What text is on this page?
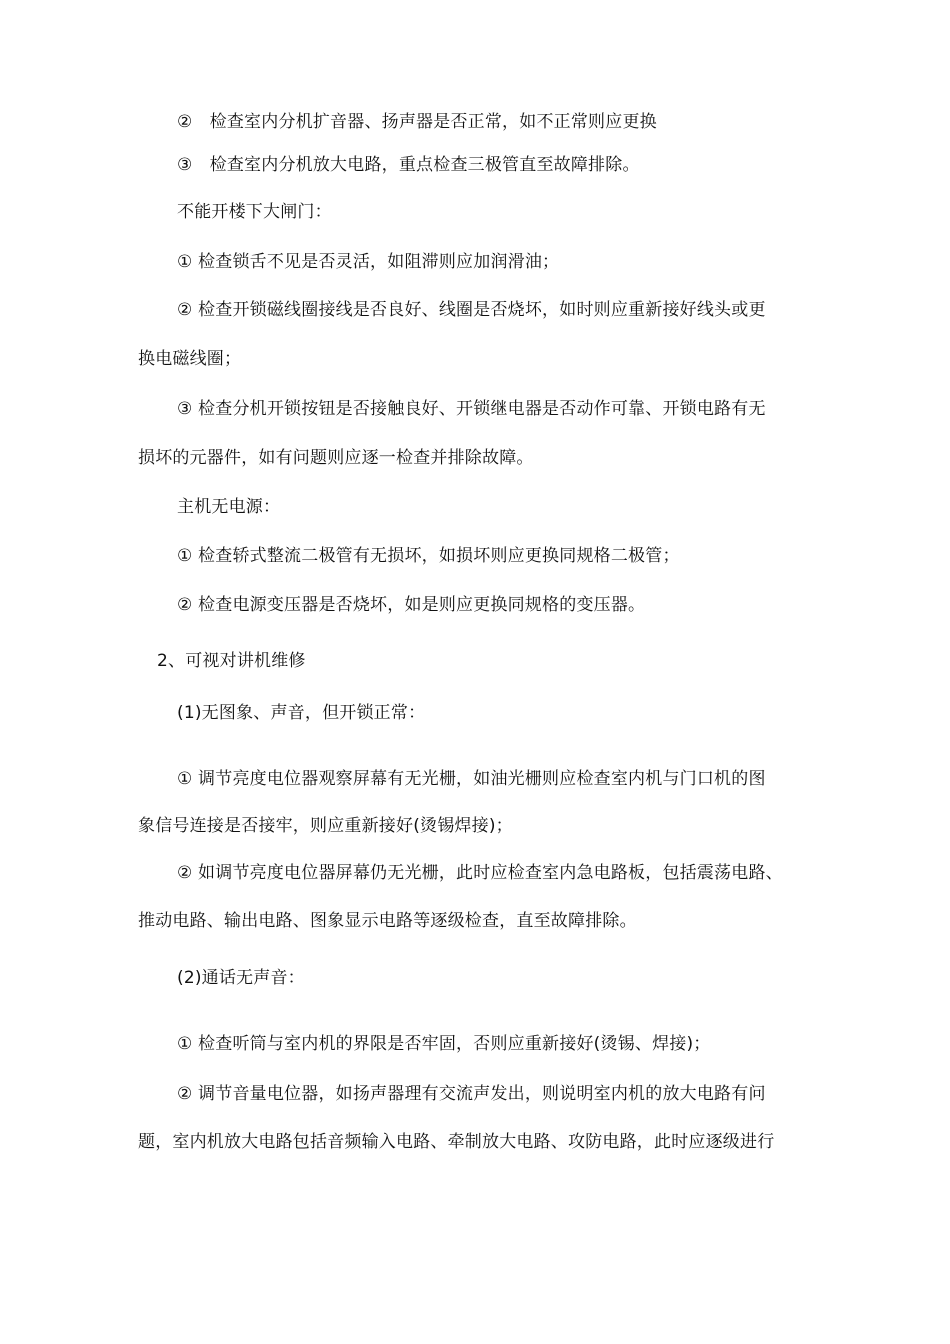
②　检查室内分机扩音器、扬声器是否正常，如不正常则应更换
③　检查室内分机放大电路，重点检查三极管直至故障排除。
不能开楼下大闸门：
① 检查锁舌不见是否灵活，如阻滞则应加润滑油；
② 检查开锁磁线圈接线是否良好、线圈是否烧坏，如时则应重新接好线头或更
换电磁线圈；
③ 检查分机开锁按钮是否接触良好、开锁继电器是否动作可靠、开锁电路有无
损坏的元器件，如有问题则应逐一检查并排除故障。
主机无电源：
① 检查轿式整流二极管有无损坏，如损坏则应更换同规格二极管；
② 检查电源变压器是否烧坏，如是则应更换同规格的变压器。
2、可视对讲机维修
(1)无图象、声音，但开锁正常：
① 调节亮度电位器观察屏幕有无光栅，如油光栅则应检查室内机与门口机的图
象信号连接是否接牢，则应重新接好(烫锡焊接)；
② 如调节亮度电位器屏幕仍无光栅，此时应检查室内急电路板，包括震荡电路、
推动电路、输出电路、图象显示电路等逐级检查，直至故障排除。
(2)通话无声音：
① 检查听筒与室内机的界限是否牢固，否则应重新接好(烫锡、焊接)；
② 调节音量电位器，如扬声器理有交流声发出，则说明室内机的放大电路有问
题，室内机放大电路包括音频输入电路、牵制放大电路、攻防电路，此时应逐级进行
